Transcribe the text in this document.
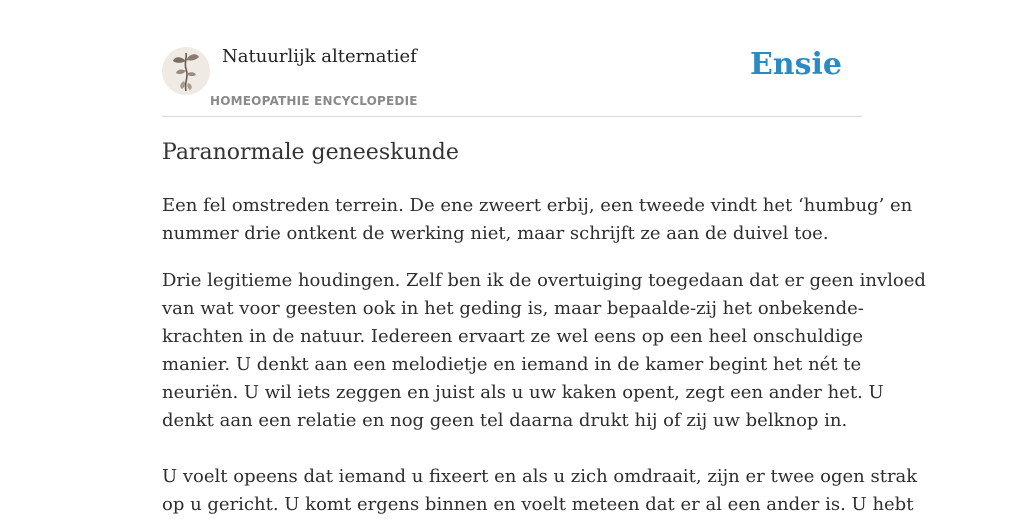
Natuurlijk alternatief
HOMEOPATHIE ENCYCLOPEDIE
Ensie
Paranormale geneeskunde
Een fel omstreden terrein. De ene zweert erbij, een tweede vindt het ‘humbug’ en
nummer drie ontkent de werking niet, maar schrijft ze aan de duivel toe.
Drie legitieme houdingen. Zelf ben ik de overtuiging toegedaan dat er geen invloed
van wat voor geesten ook in het geding is, maar bepaalde-zij het onbekende-
krachten in de natuur. Iedereen ervaart ze wel eens op een heel onschuldige
manier. U denkt aan een melodietje en iemand in de kamer begint het nét te
neuriën. U wil iets zeggen en juist als u uw kaken opent, zegt een ander het. U
denkt aan een relatie en nog geen tel daarna drukt hij of zij uw belknop in.
U voelt opeens dat iemand u fixeert en als u zich omdraait, zijn er twee ogen strak
op u gericht. U komt ergens binnen en voelt meteen dat er al een ander is. U hebt
